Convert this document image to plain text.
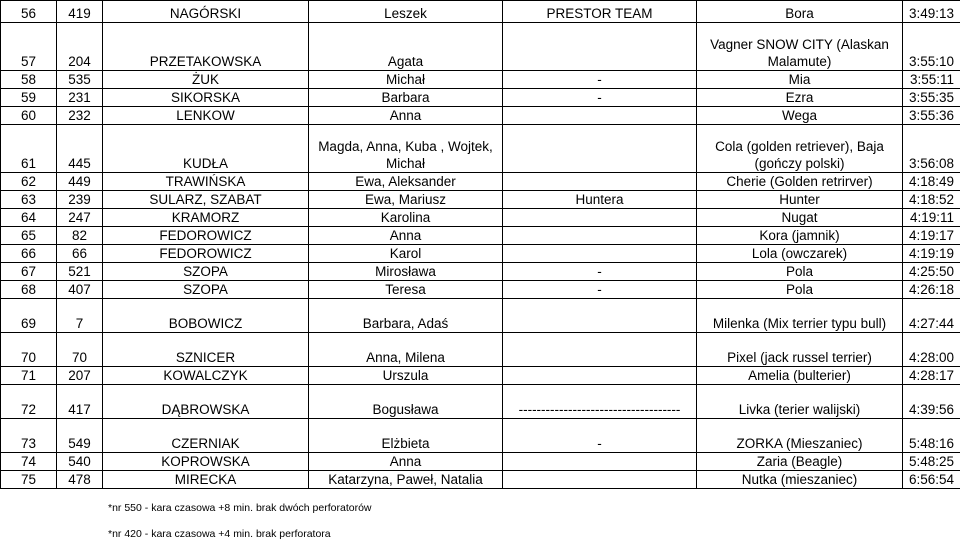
56	419	NAGÓRSKI	Leszek	PRESTOR TEAM	Bora	3:49:13
57	204	PRZETAKOWSKA	Agata		Vagner SNOW CITY (Alaskan Malamute)	3:55:10
58	535	ŻUK	Michał	-	Mia	3:55:11
59	231	SIKORSKA	Barbara	-	Ezra	3:55:35
60	232	LENKOW	Anna		Wega	3:55:36
61	445	KUDŁA	Magda, Anna, Kuba , Wojtek, Michał		Cola (golden retriever), Baja (gończy polski)	3:56:08
62	449	TRAWIŃSKA	Ewa, Aleksander		Cherie (Golden retrirver)	4:18:49
63	239	SULARZ, SZABAT	Ewa, Mariusz	Huntera	Hunter	4:18:52
64	247	KRAMORZ	Karolina		Nugat	4:19:11
65	82	FEDOROWICZ	Anna		Kora (jamnik)	4:19:17
66	66	FEDOROWICZ	Karol		Lola (owczarek)	4:19:19
67	521	SZOPA	Mirosława	-	Pola	4:25:50
68	407	SZOPA	Teresa	-	Pola	4:26:18
69	7	BOBOWICZ	Barbara, Adaś		Milenka (Mix terrier typu bull)	4:27:44
70	70	SZNICER	Anna, Milena		Pixel (jack russel terrier)	4:28:00
71	207	KOWALCZYK	Urszula		Amelia (bulterier)	4:28:17
72	417	DĄBROWSKA	Bogusława	------------------------------------	Livka (terier walijski)	4:39:56
73	549	CZERNIAK	Elżbieta	-	ZORKA (Mieszaniec)	5:48:16
74	540	KOPROWSKA	Anna		Zaria (Beagle)	5:48:25
75	478	MIRECKA	Katarzyna, Paweł, Natalia		Nutka (mieszaniec)	6:56:54
*nr 550 - kara czasowa +8 min. brak dwóch perforatorów
*nr 420 - kara czasowa +4 min. brak perforatora
